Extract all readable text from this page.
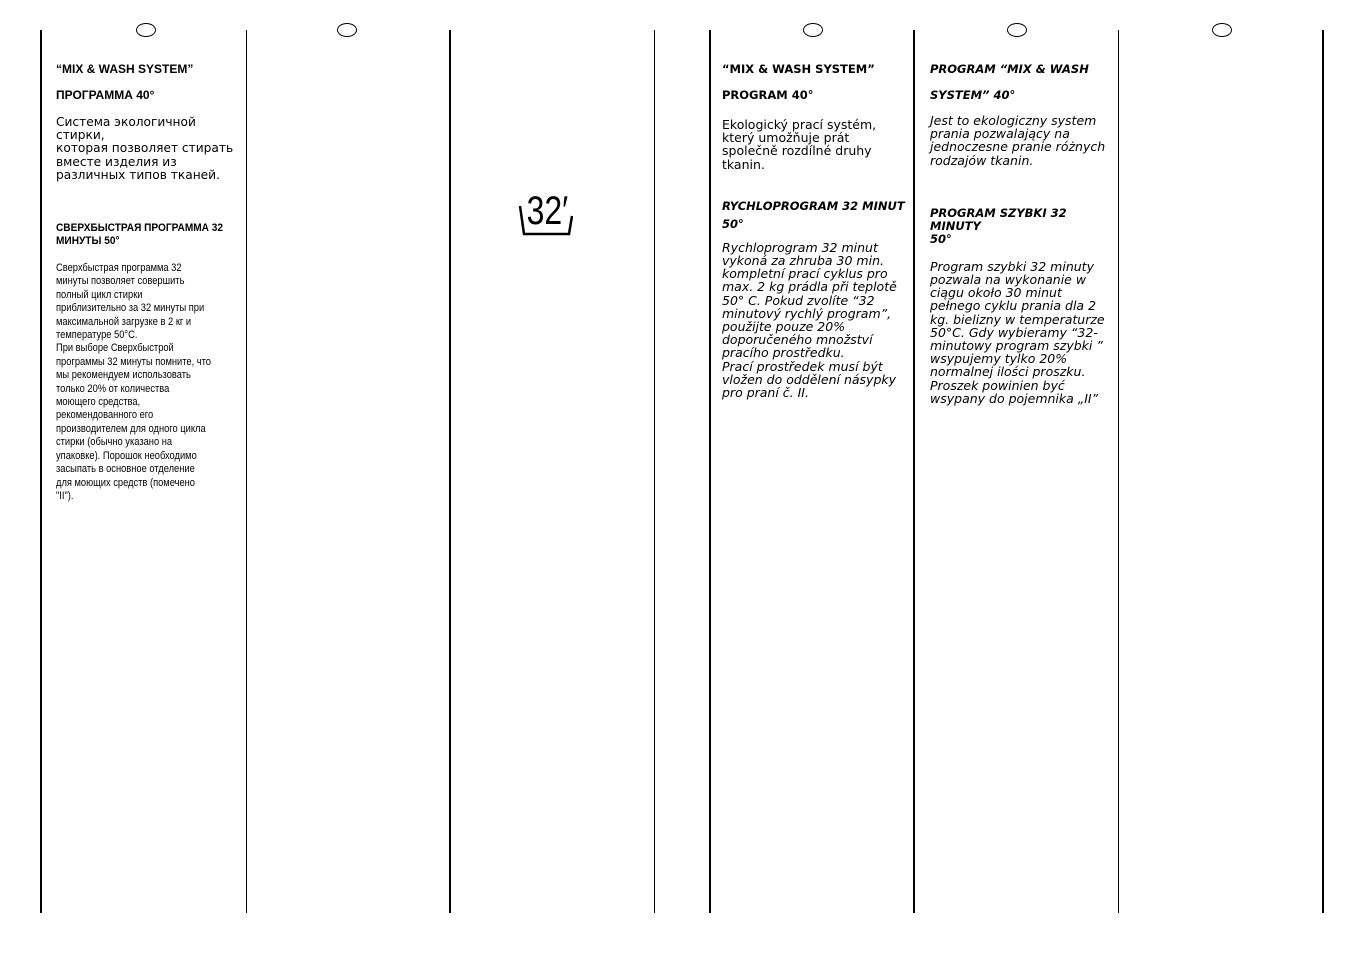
“MIX & WASH SYSTEM”

ПРОГРАММА 40°

Система экологичной стирки,
которая позволяет стирать
вместе изделия из
различных типов тканей.

СВЕРХБЫСТРАЯ ПРОГРАММА 32
МИНУТЫ 50°

Сверхбыстрая программа 32
минуты позволяет совершить
полный цикл стирки
приблизительно за 32 минуты при
максимальной загрузке в 2 кг и
температуре 50°C.
При выборе Сверхбыстрой
программы 32 минуты помните, что
мы рекомендуем использовать
только 20% от количества
моющего средства,
рекомендованного его
производителем для одного цикла
стирки (обычно указано на
упаковке). Порошок необходимо
засыпать в основное отделение
для моющих средств (помечено
"II").

32′

“MIX & WASH SYSTEM”

PROGRAM 40°

Ekologický prací systém,
který umožňuje prát
společně rozdílné druhy
tkanin.

RYCHLOPROGRAM 32 MINUT
50°

Rychloprogram 32 minut
vykoná za zhruba 30 min.
kompletní prací cyklus pro
max. 2 kg prádla při teplotě
50° C. Pokud zvolíte “32
minutový rychlý program”,
použijte pouze 20%
doporučeného množství
pracího prostředku.
Prací prostředek musí být
vložen do oddělení násypky
pro praní č. II.

PROGRAM “MIX & WASH

SYSTEM” 40°

Jest to ekologiczny system
prania pozwalający na
jednoczesne pranie różnych
rodzajów tkanin.

PROGRAM SZYBKI 32 MINUTY
50°

Program szybki 32 minuty
pozwala na wykonanie w
ciągu około 30 minut
pełnego cyklu prania dla 2
kg. bielizny w temperaturze
50°C. Gdy wybieramy “32-
minutowy program szybki ”
wsypujemy tylko 20%
normalnej ilości proszku.
Proszek powinien być
wsypany do pojemnika „II”
